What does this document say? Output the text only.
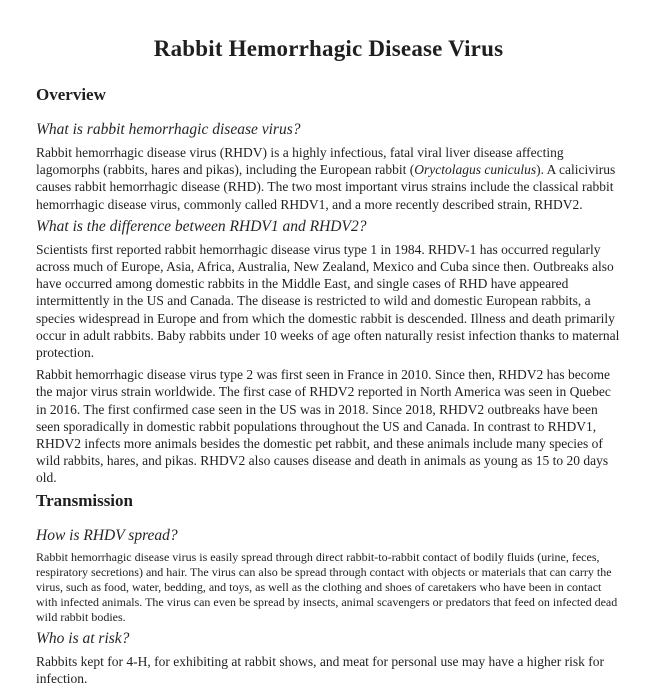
Rabbit Hemorrhagic Disease Virus
Overview
What is rabbit hemorrhagic disease virus?

Rabbit hemorrhagic disease virus (RHDV) is a highly infectious, fatal viral liver disease affecting lagomorphs (rabbits, hares and pikas), including the European rabbit (Oryctolagus cuniculus). A calicivirus causes rabbit hemorrhagic disease (RHD). The two most important virus strains include the classical rabbit hemorrhagic disease virus, commonly called RHDV1, and a more recently described strain, RHDV2.

What is the difference between RHDV1 and RHDV2?

Scientists first reported rabbit hemorrhagic disease virus type 1 in 1984. RHDV-1 has occurred regularly across much of Europe, Asia, Africa, Australia, New Zealand, Mexico and Cuba since then. Outbreaks also have occurred among domestic rabbits in the Middle East, and single cases of RHD have appeared intermittently in the US and Canada. The disease is restricted to wild and domestic European rabbits, a species widespread in Europe and from which the domestic rabbit is descended. Illness and death primarily occur in adult rabbits. Baby rabbits under 10 weeks of age often naturally resist infection thanks to maternal protection.

Rabbit hemorrhagic disease virus type 2 was first seen in France in 2010. Since then, RHDV2 has become the major virus strain worldwide. The first case of RHDV2 reported in North America was seen in Quebec in 2016. The first confirmed case seen in the US was in 2018. Since 2018, RHDV2 outbreaks have been seen sporadically in domestic rabbit populations throughout the US and Canada. In contrast to RHDV1, RHDV2 infects more animals besides the domestic pet rabbit, and these animals include many species of wild rabbits, hares, and pikas. RHDV2 also causes disease and death in animals as young as 15 to 20 days old.

Transmission
How is RHDV spread?

Rabbit hemorrhagic disease virus is easily spread through direct rabbit-to-rabbit contact of bodily fluids (urine, feces, respiratory secretions) and hair. The virus can also be spread through contact with objects or materials that can carry the virus, such as food, water, bedding, and toys, as well as the clothing and shoes of caretakers who have been in contact with infected animals. The virus can even be spread by insects, animal scavengers or predators that feed on infected dead wild rabbit bodies.

Who is at risk?

Rabbits kept for 4-H, for exhibiting at rabbit shows, and meat for personal use may have a higher risk for infection.
